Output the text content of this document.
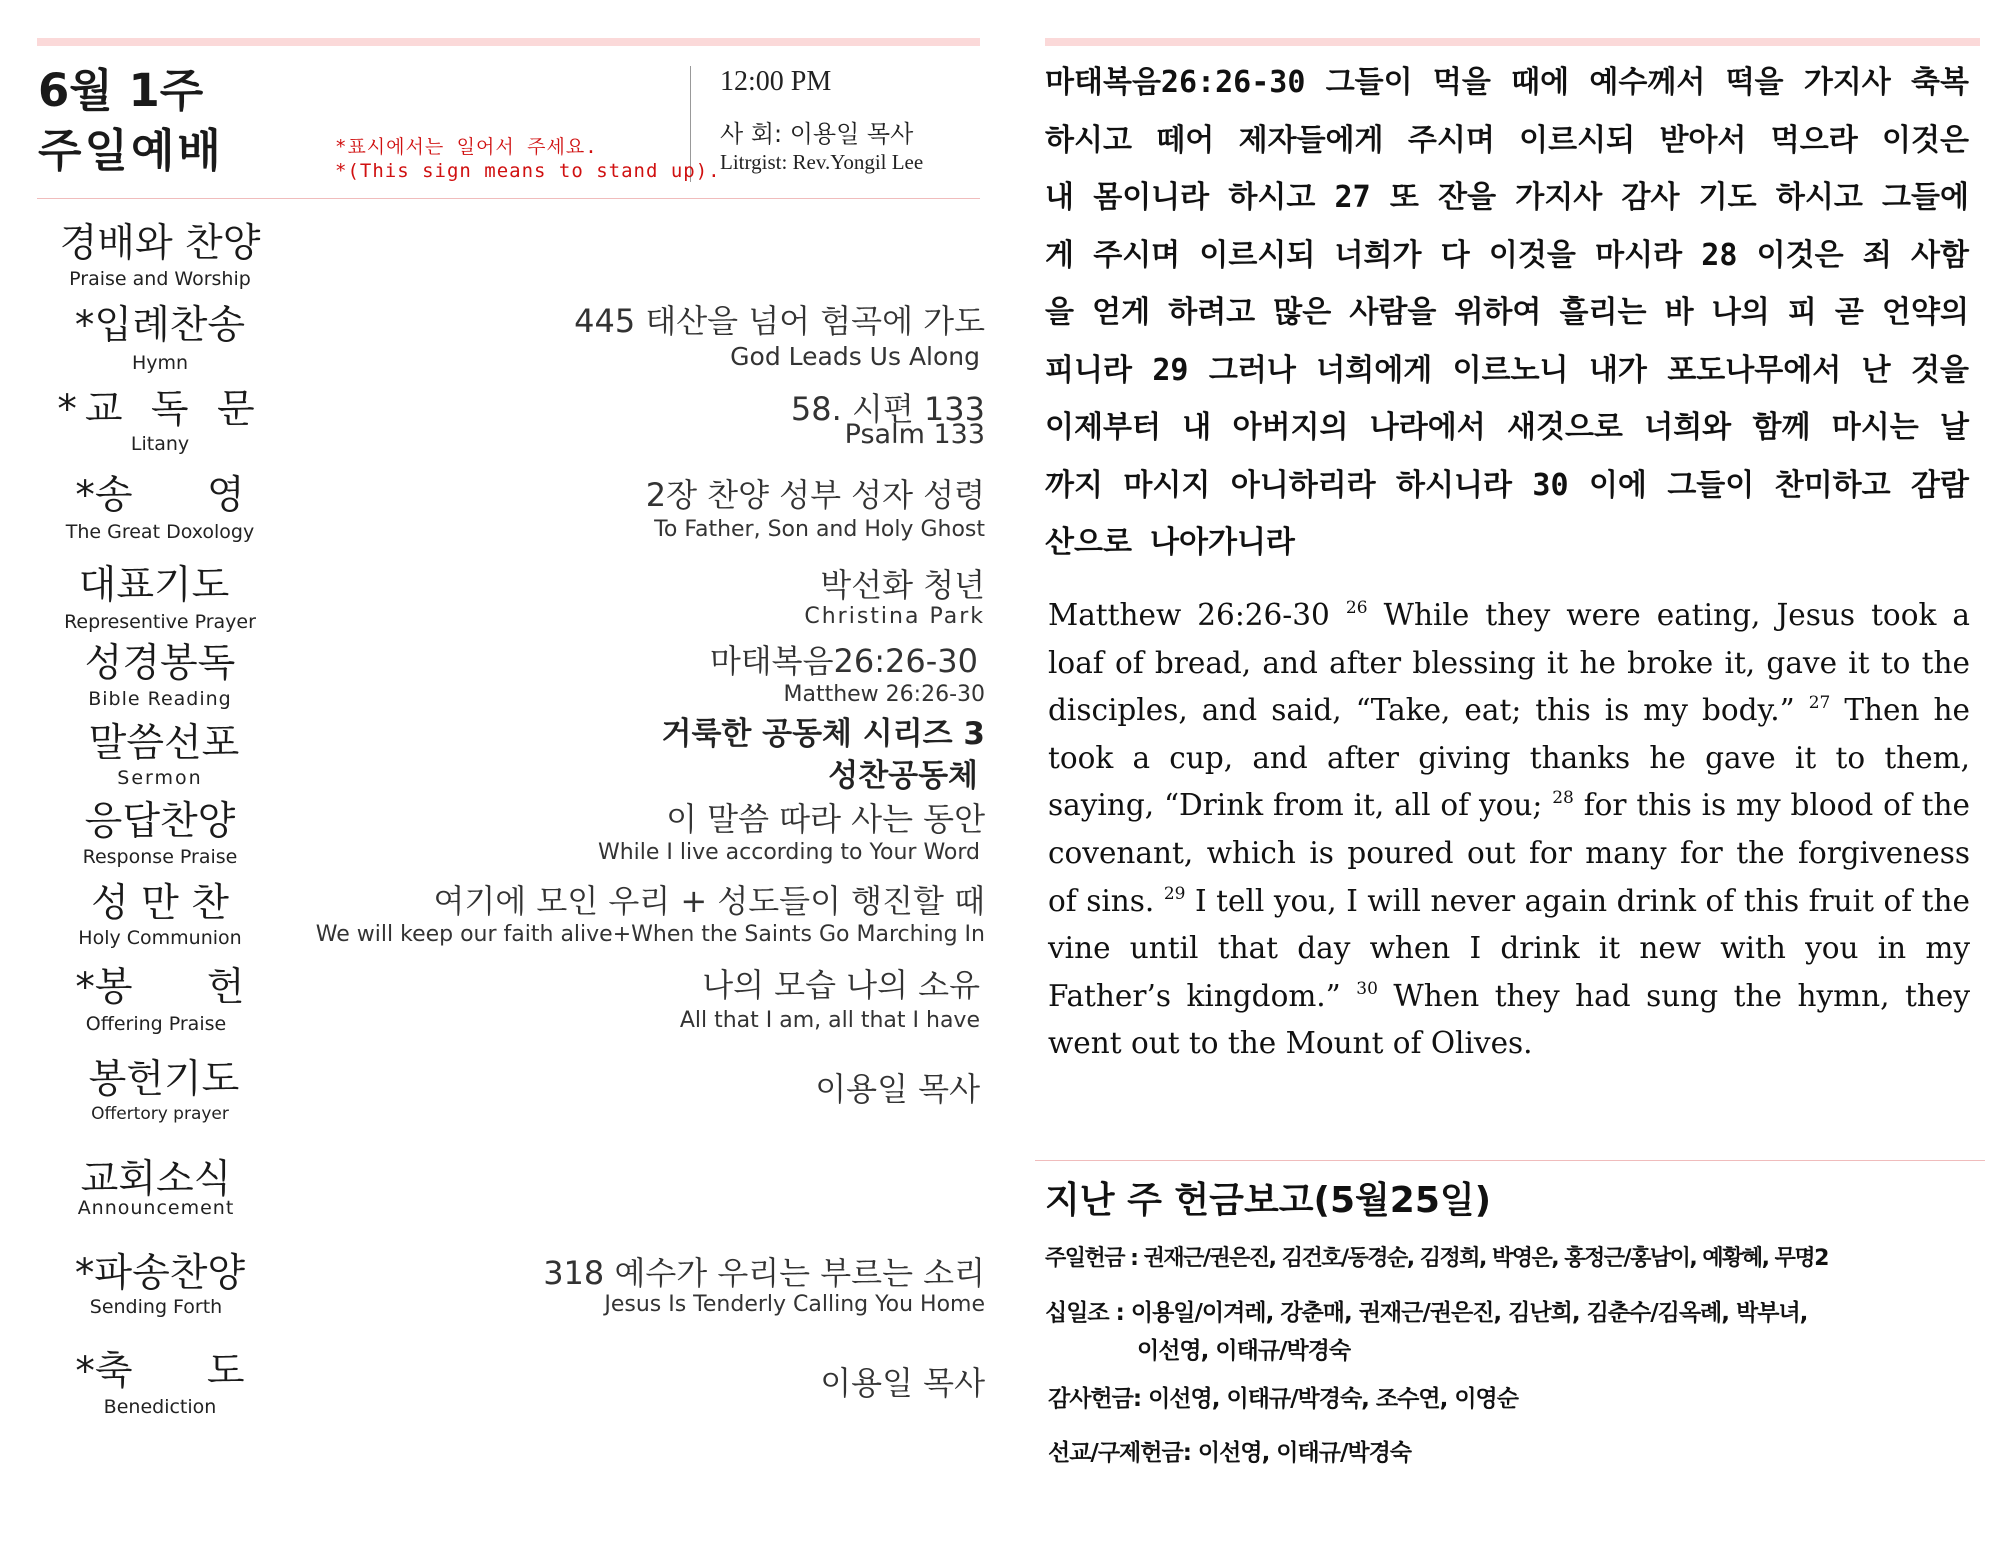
6월 1주
주일예배	*표시에서는 일어서 주세요.
*(This sign means to stand up).
12:00 PM
사 회: 이용일 목사
Litrgist: Rev.Yongil Lee
경배와 찬양
Praise and Worship
*입례찬송
Hymn
*교 독 문
Litany
*송      영
The Great Doxology
대표기도
Representive Prayer
성경봉독
Bible Reading
말씀선포
Sermon
응답찬양
Response Praise
성 만 찬
Holy Communion
*봉      헌
Offering Praise
봉헌기도
Offertory prayer
교회소식
Announcement
*파송찬양
Sending Forth
*축      도
Benediction
445 태산을 넘어 험곡에 가도
God Leads Us Along
58. 시편 133
Psalm 133
2장 찬양 성부 성자 성령
To Father, Son and Holy Ghost
박선화 청년
Christina Park
마태복음26:26-30
Matthew 26:26-30
거룩한 공동체 시리즈 3
성찬공동체
이 말씀 따라 사는 동안
While I live according to Your Word
여기에 모인 우리 + 성도들이 행진할 때
We will keep our faith alive+When the Saints Go Marching In
나의 모습 나의 소유
All that I am, all that I have
이용일 목사
318 예수가 우리는 부르는 소리
Jesus Is Tenderly Calling You Home
이용일 목사
마태복음26:26-30 그들이 먹을 때에 예수께서 떡을 가지사 축복하시고 떼어 제자들에게 주시며 이르시되 받아서 먹으라 이것은 내 몸이니라 하시고 27 또 잔을 가지사 감사 기도 하시고 그들에게 주시며 이르시되 너희가 다 이것을 마시라 28 이것은 죄 사함을 얻게 하려고 많은 사람을 위하여 흘리는 바 나의 피 곧 언약의 피니라 29 그러나 너희에게 이르노니 내가 포도나무에서 난 것을 이제부터 내 아버지의 나라에서 새것으로 너희와 함께 마시는 날까지 마시지 아니하리라 하시니라 30 이에 그들이 찬미하고 감람 산으로 나아가니라
Matthew 26:26-30 $^{26}$ While they were eating, Jesus took a loaf of bread, and after blessing it he broke it, gave it to the disciples, and said, “Take, eat; this is my body.” $^{27}$ Then he took a cup, and after giving thanks he gave it to them, saying, “Drink from it, all of you; $^{28}$ for this is my blood of the covenant, which is poured out for many for the forgiveness of sins. $^{29}$ I tell you, I will never again drink of this fruit of the vine until that day when I drink it new with you in my Father’s kingdom.” $^{30}$ When they had sung the hymn, they went out to the Mount of Olives.
지난 주 헌금보고(5월25일)
주일헌금 : 권재근/권은진, 김건호/동경순, 김정희, 박영은, 홍정근/홍남이, 예황혜, 무명2
십일조 : 이용일/이겨레, 강춘매, 권재근/권은진, 김난희, 김춘수/김옥례, 박부녀,
이선영, 이태규/박경숙
감사헌금: 이선영, 이태규/박경숙, 조수연, 이영순
선교/구제헌금: 이선영, 이태규/박경숙
